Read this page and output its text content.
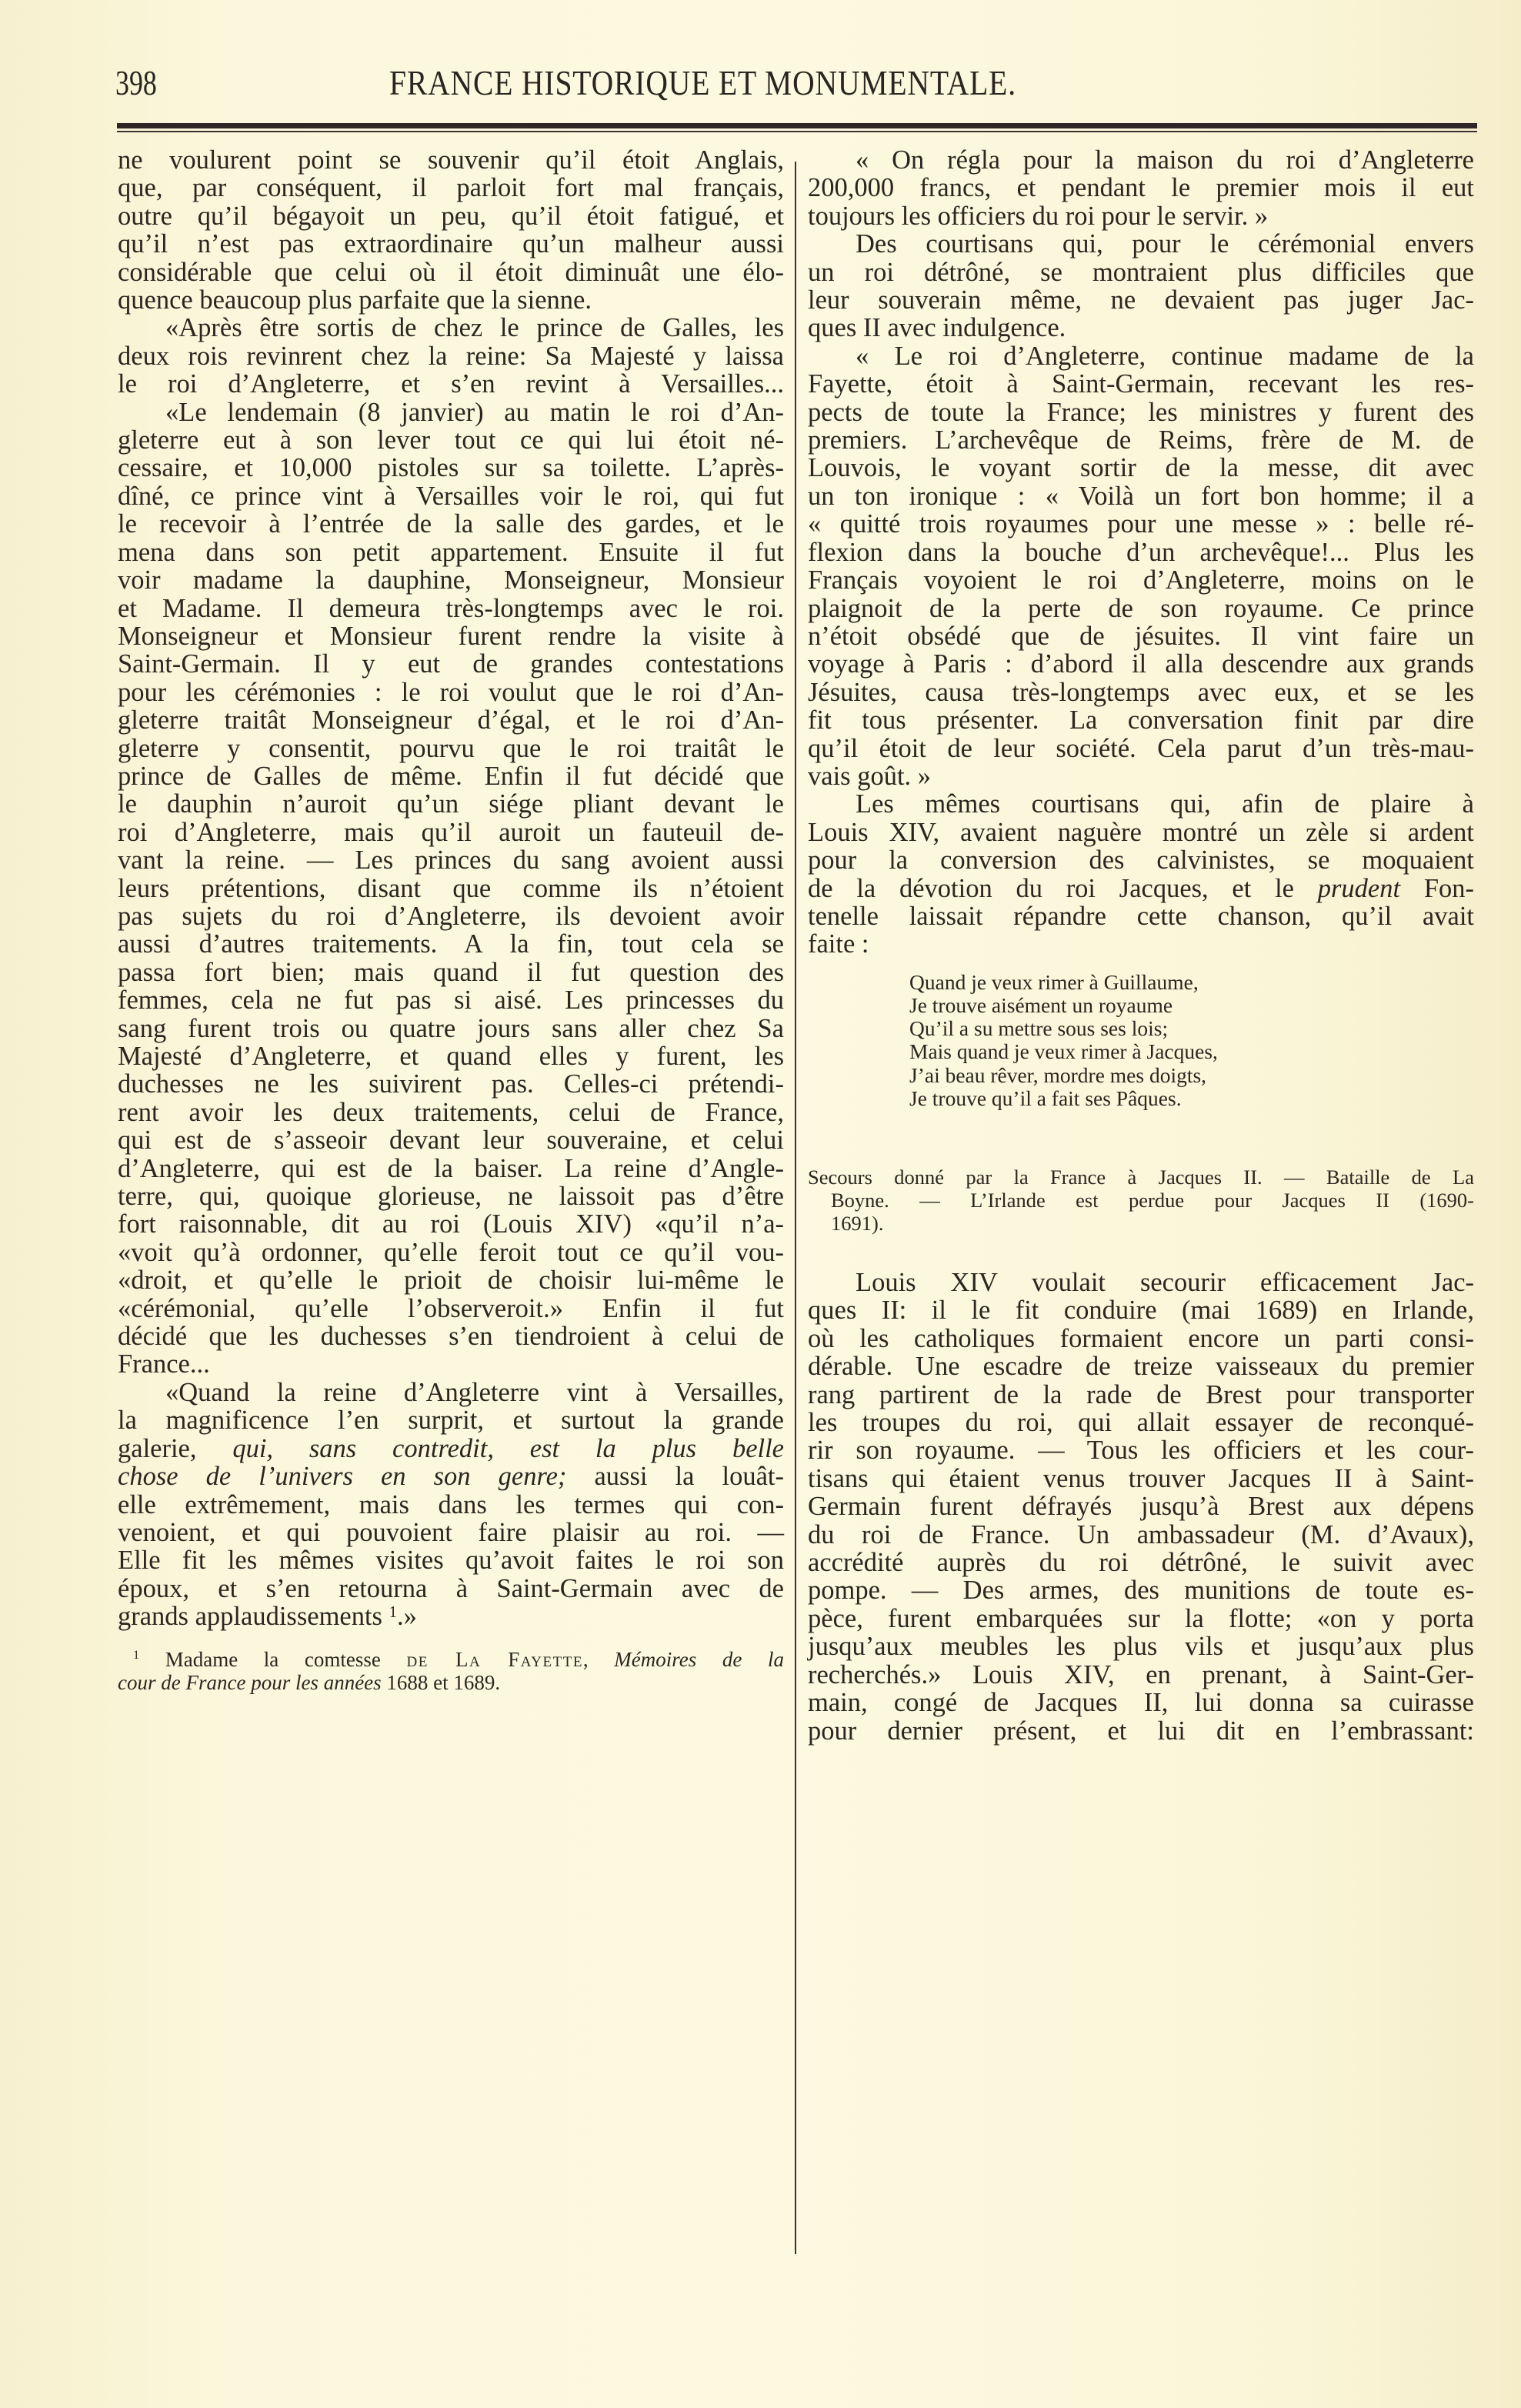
398	FRANCE HISTORIQUE ET MONUMENTALE.
ne voulurent point se souvenir qu’il étoit Anglais,
que, par conséquent, il parloit fort mal français,
outre qu’il bégayoit un peu, qu’il étoit fatigué, et
qu’il n’est pas extraordinaire qu’un malheur aussi
considérable que celui où il étoit diminuât une élo-
quence beaucoup plus parfaite que la sienne.
«Après être sortis de chez le prince de Galles, les
deux rois revinrent chez la reine: Sa Majesté y laissa
le roi d’Angleterre, et s’en revint à Versailles...
«Le lendemain (8 janvier) au matin le roi d’An-
gleterre eut à son lever tout ce qui lui étoit né-
cessaire, et 10,000 pistoles sur sa toilette. L’après-
dîné, ce prince vint à Versailles voir le roi, qui fut
le recevoir à l’entrée de la salle des gardes, et le
mena dans son petit appartement. Ensuite il fut
voir madame la dauphine, Monseigneur, Monsieur
et Madame. Il demeura très-longtemps avec le roi.
Monseigneur et Monsieur furent rendre la visite à
Saint-Germain. Il y eut de grandes contestations
pour les cérémonies : le roi voulut que le roi d’An-
gleterre traitât Monseigneur d’égal, et le roi d’An-
gleterre y consentit, pourvu que le roi traitât le
prince de Galles de même. Enfin il fut décidé que
le dauphin n’auroit qu’un siége pliant devant le
roi d’Angleterre, mais qu’il auroit un fauteuil de-
vant la reine. — Les princes du sang avoient aussi
leurs prétentions, disant que comme ils n’étoient
pas sujets du roi d’Angleterre, ils devoient avoir
aussi d’autres traitements. A la fin, tout cela se
passa fort bien; mais quand il fut question des
femmes, cela ne fut pas si aisé. Les princesses du
sang furent trois ou quatre jours sans aller chez Sa
Majesté d’Angleterre, et quand elles y furent, les
duchesses ne les suivirent pas. Celles-ci prétendi-
rent avoir les deux traitements, celui de France,
qui est de s’asseoir devant leur souveraine, et celui
d’Angleterre, qui est de la baiser. La reine d’Angle-
terre, qui, quoique glorieuse, ne laissoit pas d’être
fort raisonnable, dit au roi (Louis XIV) «qu’il n’a-
«voit qu’à ordonner, qu’elle feroit tout ce qu’il vou-
«droit, et qu’elle le prioit de choisir lui-même le
«cérémonial, qu’elle l’observeroit.» Enfin il fut
décidé que les duchesses s’en tiendroient à celui de
France...
«Quand la reine d’Angleterre vint à Versailles,
la magnificence l’en surprit, et surtout la grande
galerie, qui, sans contredit, est la plus belle
chose de l’univers en son genre; aussi la louât-
elle extrêmement, mais dans les termes qui con-
venoient, et qui pouvoient faire plaisir au roi. —
Elle fit les mêmes visites qu’avoit faites le roi son
époux, et s’en retourna à Saint-Germain avec de
grands applaudissements $^1$.»
$^1$ Madame la comtesse de La Fayette, Mémoires de la
cour de France pour les années 1688 et 1689.
« On régla pour la maison du roi d’Angleterre
200,000 francs, et pendant le premier mois il eut
toujours les officiers du roi pour le servir. »
Des courtisans qui, pour le cérémonial envers
un roi détrôné, se montraient plus difficiles que
leur souverain même, ne devaient pas juger Jac-
ques II avec indulgence.
« Le roi d’Angleterre, continue madame de la
Fayette, étoit à Saint-Germain, recevant les res-
pects de toute la France; les ministres y furent des
premiers. L’archevêque de Reims, frère de M. de
Louvois, le voyant sortir de la messe, dit avec
un ton ironique : « Voilà un fort bon homme; il a
« quitté trois royaumes pour une messe » : belle ré-
flexion dans la bouche d’un archevêque!... Plus les
Français voyoient le roi d’Angleterre, moins on le
plaignoit de la perte de son royaume. Ce prince
n’étoit obsédé que de jésuites. Il vint faire un
voyage à Paris : d’abord il alla descendre aux grands
Jésuites, causa très-longtemps avec eux, et se les
fit tous présenter. La conversation finit par dire
qu’il étoit de leur société. Cela parut d’un très-mau-
vais goût. »
Les mêmes courtisans qui, afin de plaire à
Louis XIV, avaient naguère montré un zèle si ardent
pour la conversion des calvinistes, se moquaient
de la dévotion du roi Jacques, et le prudent Fon-
tenelle laissait répandre cette chanson, qu’il avait
faite :
Quand je veux rimer à Guillaume,
Je trouve aisément un royaume
Qu’il a su mettre sous ses lois;
Mais quand je veux rimer à Jacques,
J’ai beau rêver, mordre mes doigts,
Je trouve qu’il a fait ses Pâques.
Secours donné par la France à Jacques II. — Bataille de La
Boyne. — L’Irlande est perdue pour Jacques II (1690-
1691).
Louis XIV voulait secourir efficacement Jac-
ques II: il le fit conduire (mai 1689) en Irlande,
où les catholiques formaient encore un parti consi-
dérable. Une escadre de treize vaisseaux du premier
rang partirent de la rade de Brest pour transporter
les troupes du roi, qui allait essayer de reconqué-
rir son royaume. — Tous les officiers et les cour-
tisans qui étaient venus trouver Jacques II à Saint-
Germain furent défrayés jusqu’à Brest aux dépens
du roi de France. Un ambassadeur (M. d’Avaux),
accrédité auprès du roi détrôné, le suivit avec
pompe. — Des armes, des munitions de toute es-
pèce, furent embarquées sur la flotte; «on y porta
jusqu’aux meubles les plus vils et jusqu’aux plus
recherchés.» Louis XIV, en prenant, à Saint-Ger-
main, congé de Jacques II, lui donna sa cuirasse
pour dernier présent, et lui dit en l’embrassant:
